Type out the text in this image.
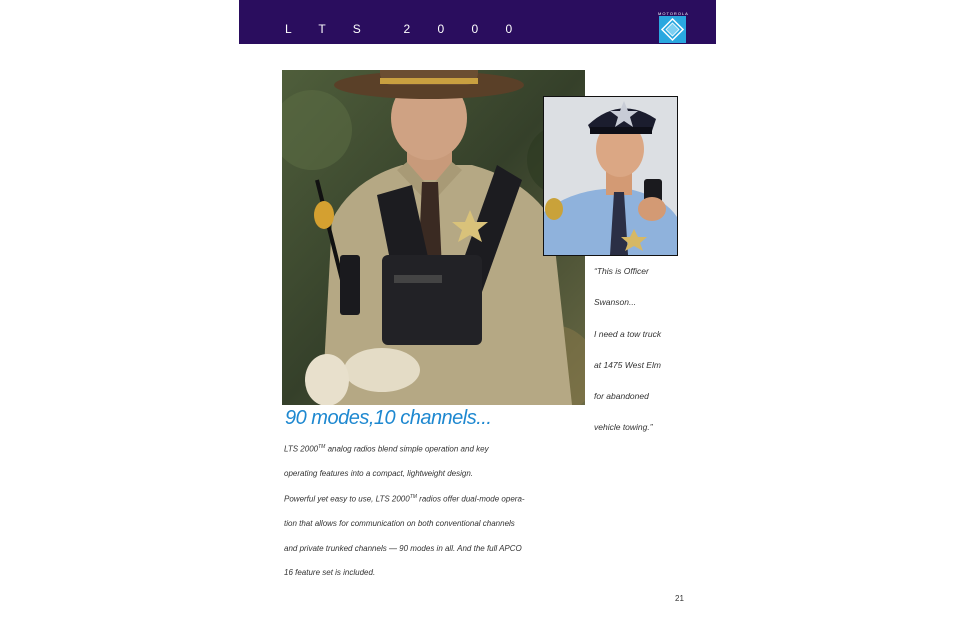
L T S  2 0 0 0
MOTOROLA
ORIGINAL
90 modes,10 channels...
LTS 2000™ analog radios blend simple operation and key
operating features into a compact, lightweight design.
Powerful yet easy to use, LTS 2000™ radios offer dual-mode opera-
tion that allows for communication on both conventional channels
and private trunked channels — 90 modes in all. And the full APCO
16 feature set is included.
“This is Officer
Swanson...
I need a tow truck
at 1475 West Elm
for abandoned
vehicle towing.”
21
